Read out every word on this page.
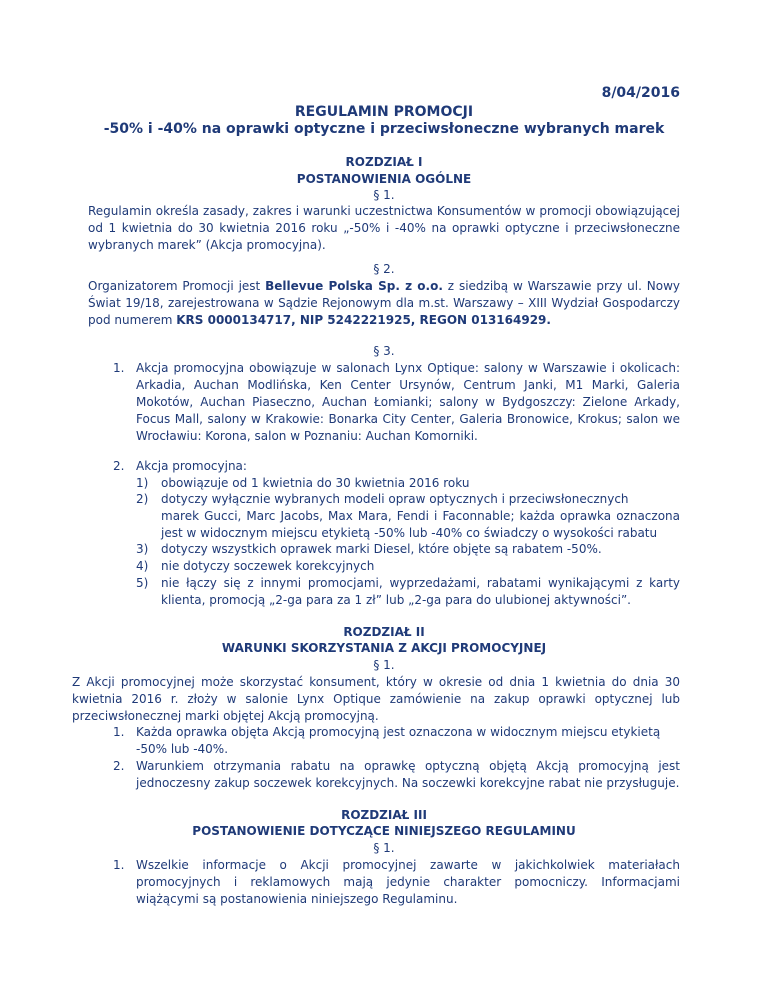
8/04/2016
REGULAMIN PROMOCJI
-50% i -40% na oprawki optyczne i przeciwsłoneczne wybranych marek
ROZDZIAŁ I
POSTANOWIENIA OGÓLNE
§ 1.
Regulamin określa zasady, zakres i warunki uczestnictwa Konsumentów w promocji obowiązującej od 1 kwietnia do 30 kwietnia 2016 roku „-50% i -40% na oprawki optyczne i przeciwsłoneczne wybranych marek” (Akcja promocyjna).
§ 2.
Organizatorem Promocji jest Bellevue Polska Sp. z o.o. z siedzibą w Warszawie przy ul. Nowy Świat 19/18, zarejestrowana w Sądzie Rejonowym dla m.st. Warszawy – XIII Wydział Gospodarczy pod numerem KRS 0000134717, NIP 5242221925, REGON 013164929.
§ 3.
1. Akcja promocyjna obowiązuje w salonach Lynx Optique: salony w Warszawie i okolicach: Arkadia, Auchan Modlińska, Ken Center Ursynów, Centrum Janki, M1 Marki, Galeria Mokotów, Auchan Piaseczno, Auchan Łomianki; salony w Bydgoszczy: Zielone Arkady, Focus Mall, salony w Krakowie: Bonarka City Center, Galeria Bronowice, Krokus; salon we Wrocławiu: Korona, salon w Poznaniu: Auchan Komorniki.
2. Akcja promocyjna:
1) obowiązuje od 1 kwietnia do 30 kwietnia 2016 roku
2) dotyczy wyłącznie wybranych modeli opraw optycznych i przeciwsłonecznych
marek Gucci, Marc Jacobs, Max Mara, Fendi i Faconnable; każda oprawka oznaczona jest w widocznym miejscu etykietą -50% lub -40% co świadczy o wysokości rabatu
3) dotyczy wszystkich oprawek marki Diesel, które objęte są rabatem -50%.
4) nie dotyczy soczewek korekcyjnych
5) nie łączy się z innymi promocjami, wyprzedażami, rabatami wynikającymi z karty klienta, promocją „2-ga para za 1 zł” lub „2-ga para do ulubionej aktywności”.
ROZDZIAŁ II
WARUNKI SKORZYSTANIA Z AKCJI PROMOCYJNEJ
§ 1.
Z Akcji promocyjnej może skorzystać konsument, który w okresie od dnia 1 kwietnia do dnia 30 kwietnia 2016 r. złoży w salonie Lynx Optique zamówienie na zakup oprawki optycznej lub przeciwsłonecznej marki objętej Akcją promocyjną.
1. Każda oprawka objęta Akcją promocyjną jest oznaczona w widocznym miejscu etykietą
-50% lub -40%.
2. Warunkiem otrzymania rabatu na oprawkę optyczną objętą Akcją promocyjną jest jednoczesny zakup soczewek korekcyjnych. Na soczewki korekcyjne rabat nie przysługuje.
ROZDZIAŁ III
POSTANOWIENIE DOTYCZĄCE NINIEJSZEGO REGULAMINU
§ 1.
1. Wszelkie informacje o Akcji promocyjnej zawarte w jakichkolwiek materiałach promocyjnych i reklamowych mają jedynie charakter pomocniczy. Informacjami wiążącymi są postanowienia niniejszego Regulaminu.
